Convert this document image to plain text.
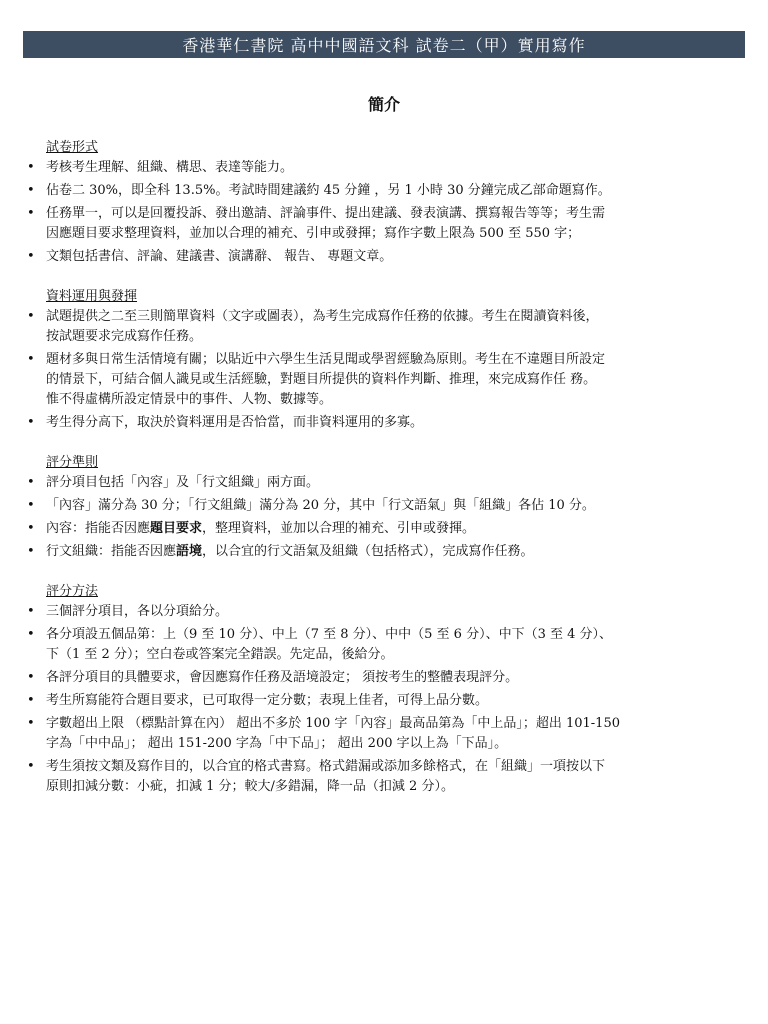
香港華仁書院 高中中國語文科 試卷二（甲）實用寫作
簡介
試卷形式
• 考核考生理解、組織、構思、表達等能力。
• 佔卷二 30%，即全科 13.5%。考試時間建議約 45 分鐘 ，另 1 小時 30 分鐘完成乙部命題寫作。
• 任務單一，可以是回覆投訴、發出邀請、評論事件、提出建議、發表演講、撰寫報告等等；考生需
因應題目要求整理資料，並加以合理的補充、引申或發揮；寫作字數上限為 500 至 550 字；
• 文類包括書信、評論、建議書、演講辭、 報告、 專題文章。
資料運用與發揮
• 試題提供之二至三則簡單資料（文字或圖表），為考生完成寫作任務的依據。考生在閱讀資料後，
按試題要求完成寫作任務。
• 題材多與日常生活情境有關；以貼近中六學生生活見聞或學習經驗為原則。考生在不違題目所設定
的情景下，可結合個人識見或生活經驗，對題目所提供的資料作判斷、推理，來完成寫作任 務。
惟不得虛構所設定情景中的事件、人物、數據等。
• 考生得分高下，取決於資料運用是否恰當，而非資料運用的多寡。
評分準則
• 評分項目包括「內容」及「行文組織」兩方面。
• 「內容」滿分為 30 分；「行文組織」滿分為 20 分，其中「行文語氣」與「組織」各佔 10 分。
• 內容：指能否因應題目要求，整理資料，並加以合理的補充、引申或發揮。
• 行文組織：指能否因應語境，以合宜的行文語氣及組織（包括格式），完成寫作任務。
評分方法
• 三個評分項目，各以分項給分。
• 各分項設五個品第：上（9 至 10 分）、中上（7 至 8 分）、中中（5 至 6 分）、中下（3 至 4 分）、
下（1 至 2 分）；空白卷或答案完全錯誤。先定品，後給分。
• 各評分項目的具體要求，會因應寫作任務及語境設定； 須按考生的整體表現評分。
• 考生所寫能符合題目要求，已可取得一定分數；表現上佳者，可得上品分數。
• 字數超出上限 （標點計算在內） 超出不多於 100 字「內容」最高品第為「中上品」；超出 101-150
字為「中中品」； 超出 151-200 字為「中下品」； 超出 200 字以上為「下品」。
• 考生須按文類及寫作目的，以合宜的格式書寫。格式錯漏或添加多餘格式，在「組織」一項按以下
原則扣減分數：小疵，扣減 1 分；較大/多錯漏，降一品（扣減 2 分）。
